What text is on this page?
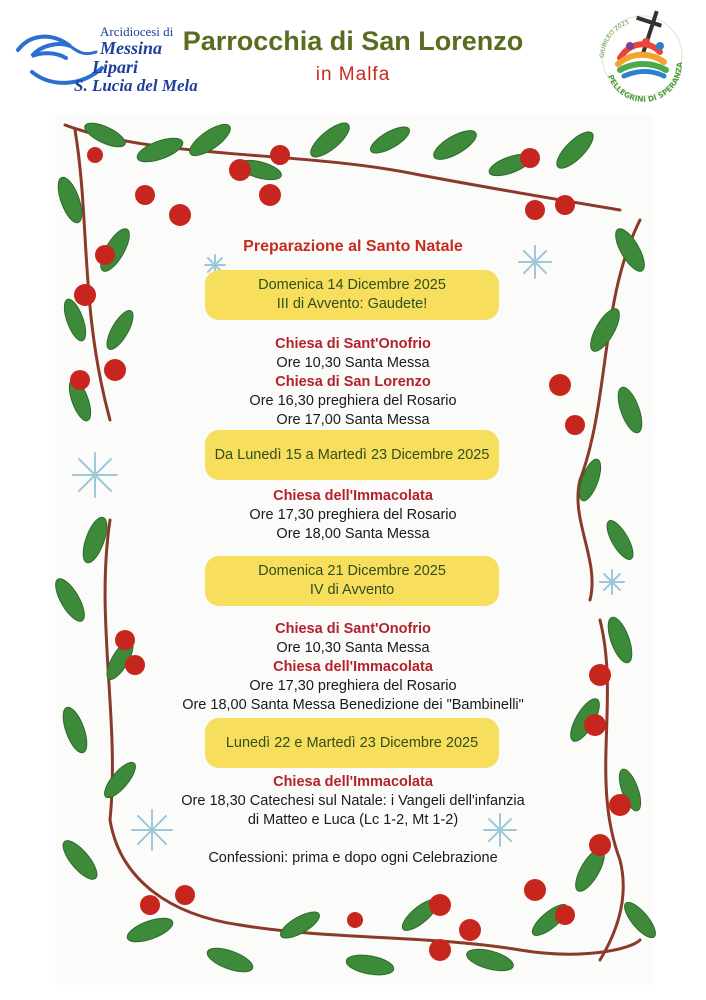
Arcidiocesi di
Messina
Lipari
S. Lucia del Mela
Parrocchia di San Lorenzo
in Malfa
GIUBILEO 2025
PELLEGRINI DI SPERANZA
Preparazione al Santo Natale
Domenica 14 Dicembre 2025
III di Avvento: Gaudete!
Chiesa di Sant'Onofrio
Ore 10,30 Santa Messa
Chiesa di San Lorenzo
Ore 16,30 preghiera del Rosario
Ore 17,00 Santa Messa
Da Lunedì 15 a Martedì 23 Dicembre 2025
Chiesa dell'Immacolata
Ore 17,30 preghiera del Rosario
Ore 18,00 Santa Messa
Domenica 21 Dicembre 2025
IV di Avvento
Chiesa di Sant'Onofrio
Ore 10,30 Santa Messa
Chiesa dell'Immacolata
Ore 17,30 preghiera del Rosario
Ore 18,00 Santa Messa Benedizione dei "Bambinelli"
Lunedì 22 e Martedì 23 Dicembre 2025
Chiesa dell'Immacolata
Ore 18,30 Catechesi sul Natale: i Vangeli dell'infanzia
di Matteo e Luca (Lc 1-2, Mt 1-2)
Confessioni: prima e dopo ogni Celebrazione
